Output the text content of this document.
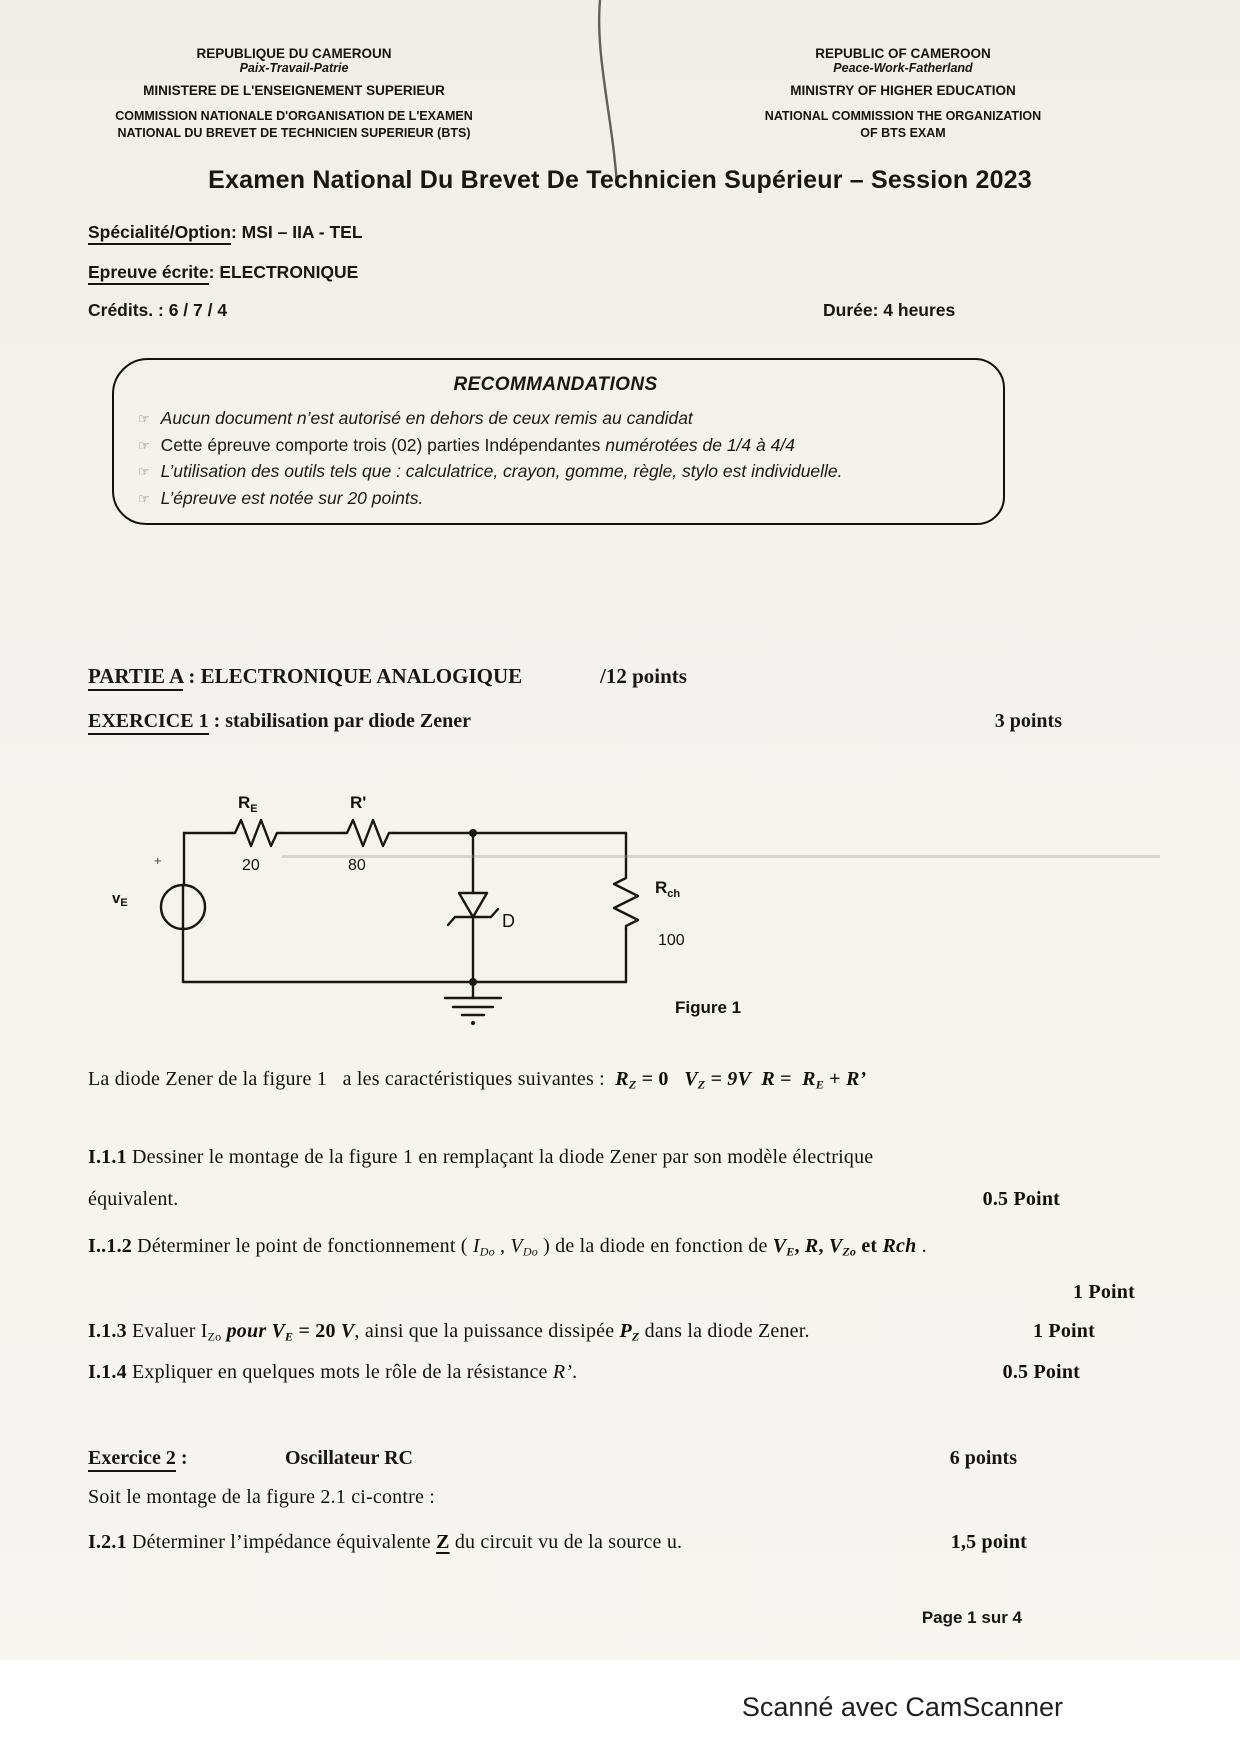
REPUBLIQUE DU CAMEROUN
Paix-Travail-Patrie
MINISTERE DE L'ENSEIGNEMENT SUPERIEUR
COMMISSION NATIONALE D'ORGANISATION DE L'EXAMEN
NATIONAL DU BREVET DE TECHNICIEN SUPERIEUR (BTS)
REPUBLIC OF CAMEROON
Peace-Work-Fatherland
MINISTRY OF HIGHER EDUCATION
NATIONAL COMMISSION THE ORGANIZATION
OF BTS EXAM
Examen National Du Brevet De Technicien Supérieur – Session 2023
Spécialité/Option: MSI – IIA - TEL
Epreuve écrite: ELECTRONIQUE
Crédits. : 6 / 7 / 4	Durée: 4 heures
RECOMMANDATIONS
☞ Aucun document n’est autorisé en dehors de ceux remis au candidat
☞ Cette épreuve comporte trois (02) parties Indépendantes numérotées de 1/4 à 4/4
☞ L’utilisation des outils tels que : calculatrice, crayon, gomme, règle, stylo est individuelle.
☞ L’épreuve est notée sur 20 points.
PARTIE A : ELECTRONIQUE ANALOGIQUE	/12 points
EXERCICE 1 : stabilisation par diode Zener	3 points
$R_E$
20
R'
80
$v_E$
+
D
$R_{ch}$
100
Figure 1
La diode Zener de la figure 1   a les caractéristiques suivantes :  RZ = 0 VZ = 9V R =  RE + R’
I.1.1 Dessiner le montage de la figure 1 en remplaçant la diode Zener par son modèle électrique
équivalent.	0.5 Point
I..1.2 Déterminer le point de fonctionnement ( IDo , VDo ) de la diode en fonction de VE, R, VZo et Rch .
1 Point
I.1.3 Evaluer IZo pour VE = 20 V, ainsi que la puissance dissipée PZ dans la diode Zener.	1 Point
I.1.4 Expliquer en quelques mots le rôle de la résistance R’.	0.5 Point
Exercice 2 :	Oscillateur RC	6 points
Soit le montage de la figure 2.1 ci-contre :
I.2.1 Déterminer l’impédance équivalente Z du circuit vu de la source u.	1,5 point
Page 1 sur 4
Scanné avec CamScanner
